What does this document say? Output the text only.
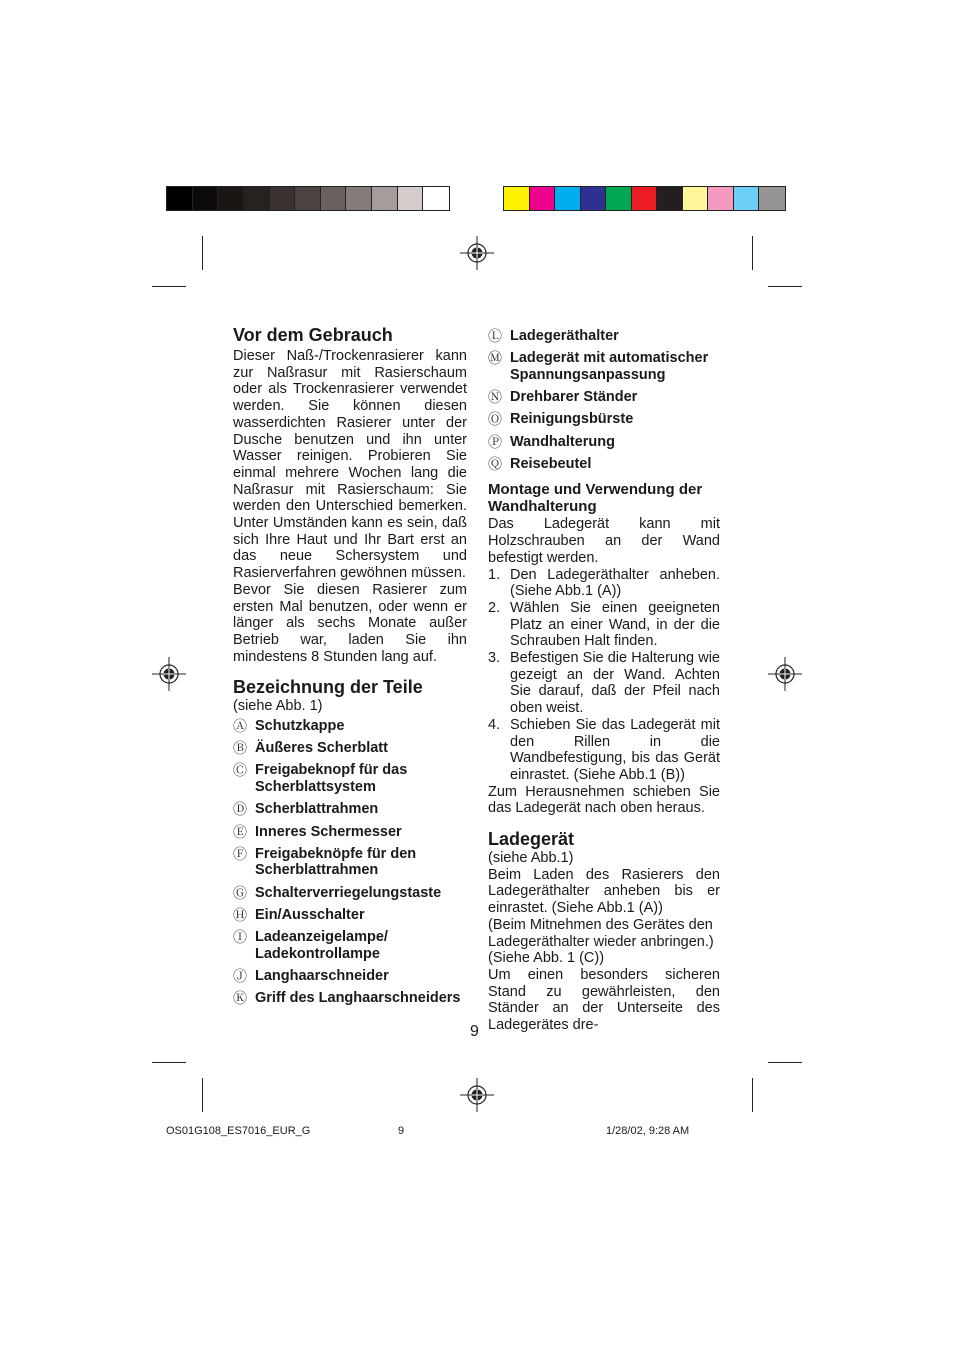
Vor dem Gebrauch

Dieser Naß-/Trockenrasierer kann zur Naßrasur mit Rasierschaum oder als Trockenrasierer verwendet werden. Sie können diesen wasserdichten Rasierer unter der Dusche benutzen und ihn unter Wasser reinigen. Probieren Sie einmal mehrere Wochen lang die Naßrasur mit Rasierschaum: Sie werden den Unterschied bemerken. Unter Umständen kann es sein, daß sich Ihre Haut und Ihr Bart erst an das neue Schersystem und Rasierverfahren gewöhnen müssen.

Bevor Sie diesen Rasierer zum ersten Mal benutzen, oder wenn er länger als sechs Monate außer Betrieb war, laden Sie ihn mindestens 8 Stunden lang auf.

Bezeichnung der Teile

(siehe Abb. 1)

Ⓐ Schutzkappe
Ⓑ Äußeres Scherblatt
Ⓒ Freigabeknopf für das Scherblattsystem
Ⓓ Scherblattrahmen
Ⓔ Inneres Schermesser
Ⓕ Freigabeknöpfe für den Scherblattrahmen
Ⓖ Schalterverriegelungstaste
Ⓗ Ein/Ausschalter
Ⓘ Ladeanzeigelampe/ Ladekontrollampe
Ⓙ Langhaarschneider
Ⓚ Griff des Langhaarschneiders
Ⓛ Ladegeräthalter
Ⓜ Ladegerät mit automatischer Spannungsanpassung
Ⓝ Drehbarer Ständer
Ⓞ Reinigungsbürste
Ⓟ Wandhalterung
Ⓠ Reisebeutel
Montage und Verwendung der Wandhalterung

Das Ladegerät kann mit Holzschrauben an der Wand befestigt werden.

1. Den Ladegeräthalter anheben. (Siehe Abb.1 (A))
2. Wählen Sie einen geeigneten Platz an einer Wand, in der die Schrauben Halt finden.
3. Befestigen Sie die Halterung wie gezeigt an der Wand. Achten Sie darauf, daß der Pfeil nach oben weist.
4. Schieben Sie das Ladegerät mit den Rillen in die Wandbefestigung, bis das Gerät einrastet. (Siehe Abb.1 (B))

Zum Herausnehmen schieben Sie das Ladegerät nach oben heraus.

Ladegerät

(siehe Abb.1)

Beim Laden des Rasierers den Ladegeräthalter anheben bis er einrastet. (Siehe Abb.1 (A))

(Beim Mitnehmen des Gerätes den Ladegeräthalter wieder anbringen.) (Siehe Abb. 1 (C))

Um einen besonders sicheren Stand zu gewährleisten, den Ständer an der Unterseite des Ladegerätes dre-

9
OS01G108_ES7016_EUR_G	9	1/28/02, 9:28 AM
